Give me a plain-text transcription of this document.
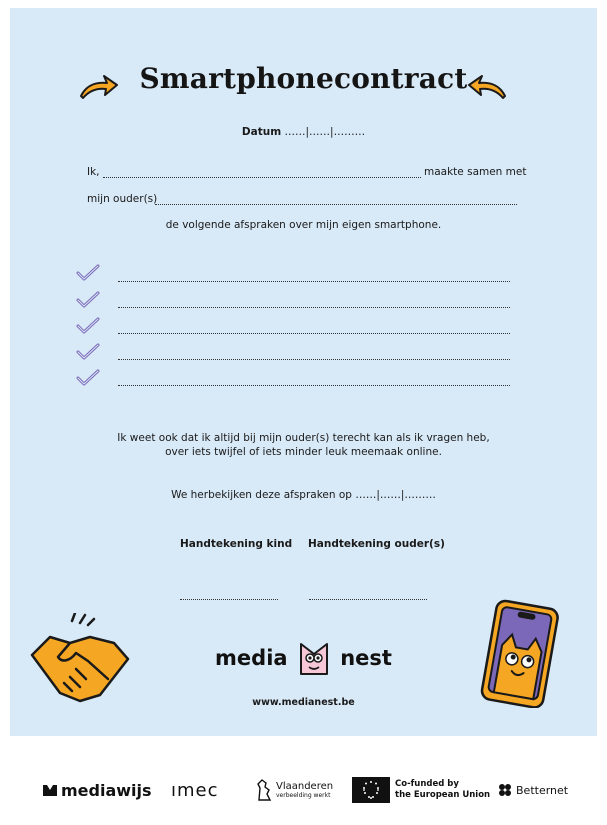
Smartphonecontract
Datum ……|……|………
Ik,	maakte samen met
mijn ouder(s)
de volgende afspraken over mijn eigen smartphone.
Ik weet ook dat ik altijd bij mijn ouder(s) terecht kan als ik vragen heb,
over iets twijfel of iets minder leuk meemaak online.
We herbekijken deze afspraken op ……|……|………
Handtekening kind Handtekening ouder(s)
media	nest
www.medianest.be
mediawijs ımec	Vlaanderen
verbeelding werkt
Co-funded by
the European Union Betternet
